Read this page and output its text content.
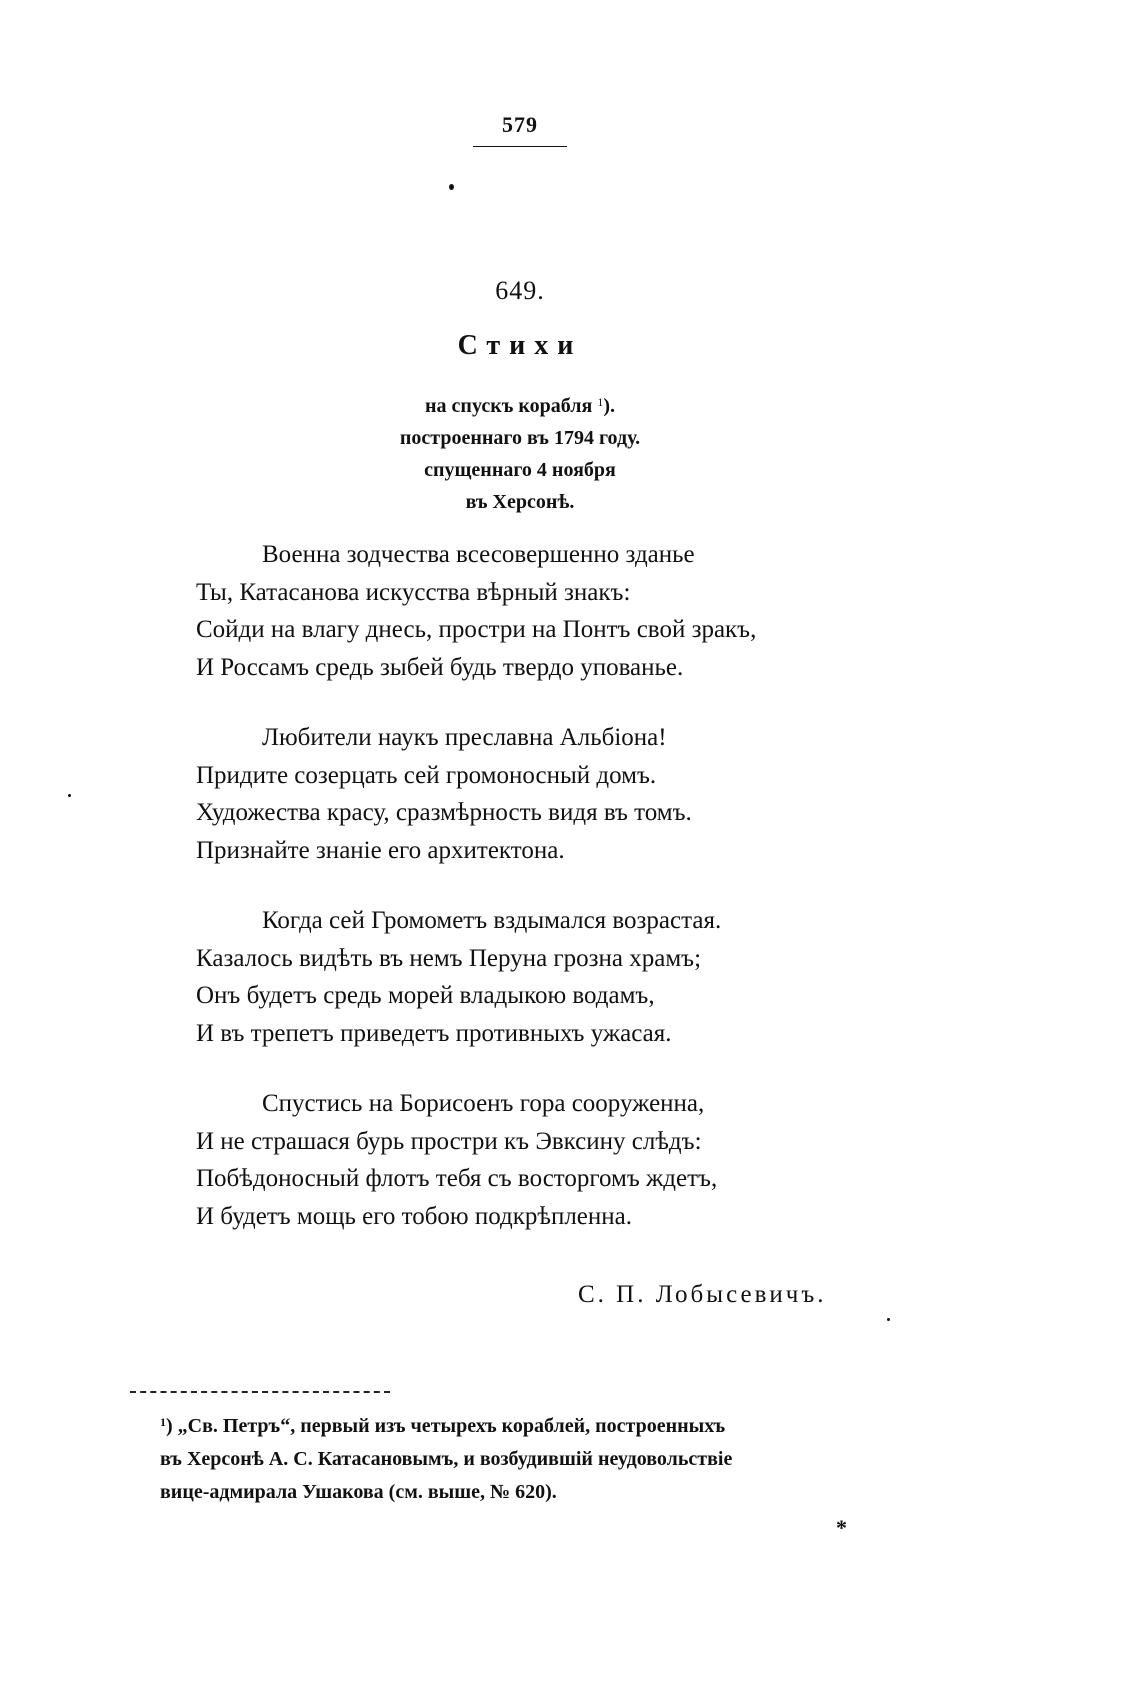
579
649.
Стихи
на спускъ корабля $^1$).
построеннаго въ 1794 году.
спущеннаго 4 ноября
въ Херсонѣ.
Военна зодчества всесовершенно зданье
Ты, Катасанова искусства вѣрный знакъ:
Сойди на влагу днесь, простри на Понтъ свой зракъ,
И Россамъ средь зыбей будь твердо упованье.
Любители наукъ преславна Альбіона!
Придите созерцать сей громоносный домъ.
Художества красу, сразмѣрность видя въ томъ.
Признайте знаніе его архитектона.
Когда сей Громометъ вздымался возрастая.
Казалось видѣть въ немъ Перуна грозна храмъ;
Онъ будетъ средь морей владыкою водамъ,
И въ трепетъ приведетъ противныхъ ужасая.
Спустись на Борисоенъ гора сооруженна,
И не страшася бурь простри къ Эвксину слѣдъ:
Побѣдоносный флотъ тебя съ восторгомъ ждетъ,
И будетъ мощь его тобою подкрѣпленна.
С. П. Лобысевичъ.
$^1$) „Св. Петръ“, первый изъ четырехъ кораблей, построенныхъ
въ Херсонѣ А. С. Катасановымъ, и возбудившій неудовольствіе
вице-адмирала Ушакова (см. выше, № 620).
*
